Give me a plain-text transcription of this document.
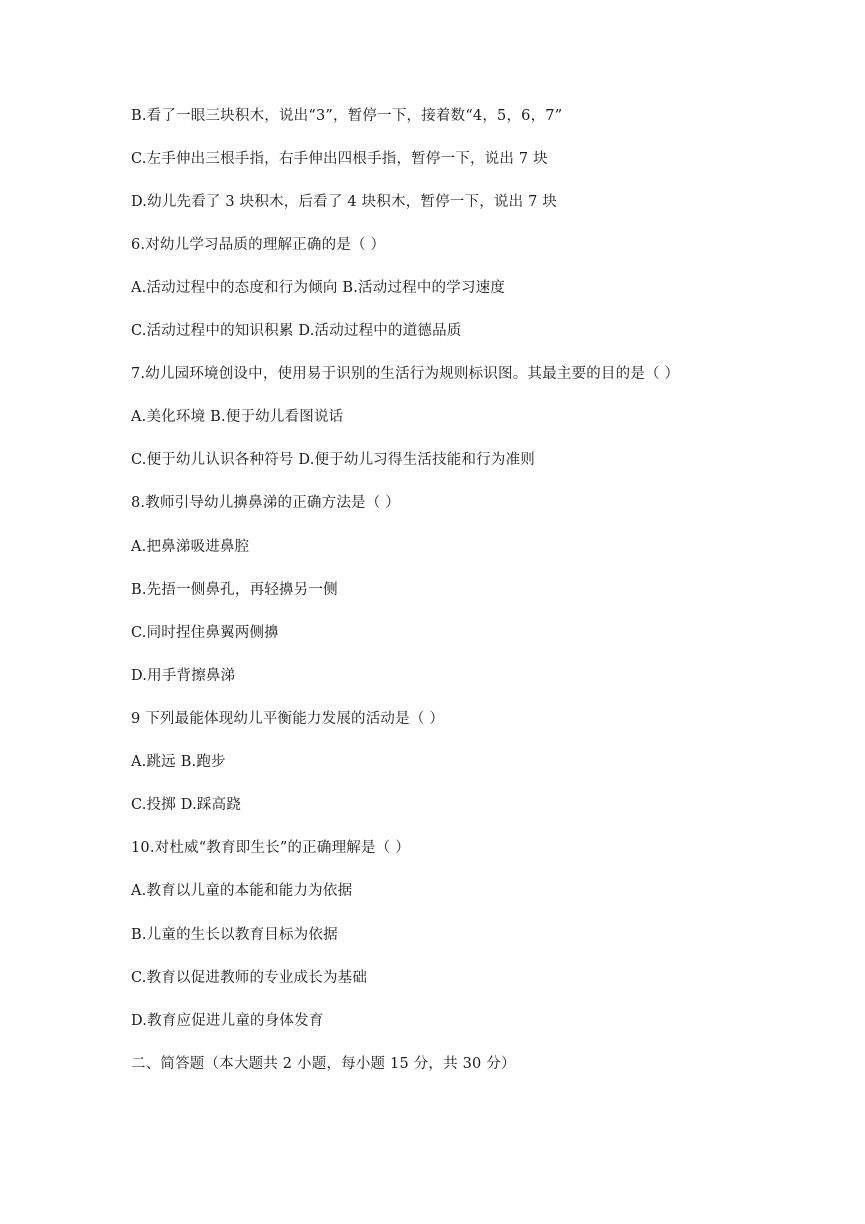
B.看了一眼三块积木，说出“3”，暂停一下，接着数“4，5，6，7”
C.左手伸出三根手指，右手伸出四根手指，暂停一下，说出 7 块
D.幼儿先看了 3 块积木，后看了 4 块积木，暂停一下，说出 7 块
6.对幼儿学习品质的理解正确的是（ ）
A.活动过程中的态度和行为倾向 B.活动过程中的学习速度
C.活动过程中的知识积累 D.活动过程中的道德品质
7.幼儿园环境创设中，使用易于识别的生活行为规则标识图。其最主要的目的是（ ）
A.美化环境 B.便于幼儿看图说话
C.便于幼儿认识各种符号 D.便于幼儿习得生活技能和行为准则
8.教师引导幼儿擤鼻涕的正确方法是（ ）
A.把鼻涕吸进鼻腔
B.先捂一侧鼻孔，再轻擤另一侧
C.同时捏住鼻翼两侧擤
D.用手背擦鼻涕
9 下列最能体现幼儿平衡能力发展的活动是（ ）
A.跳远 B.跑步
C.投掷 D.踩高跷
10.对杜威“教育即生长”的正确理解是（ ）
A.教育以儿童的本能和能力为依据
B.儿童的生长以教育目标为依据
C.教育以促进教师的专业成长为基础
D.教育应促进儿童的身体发育
二、简答题（本大题共 2 小题，每小题 15 分，共 30 分）
